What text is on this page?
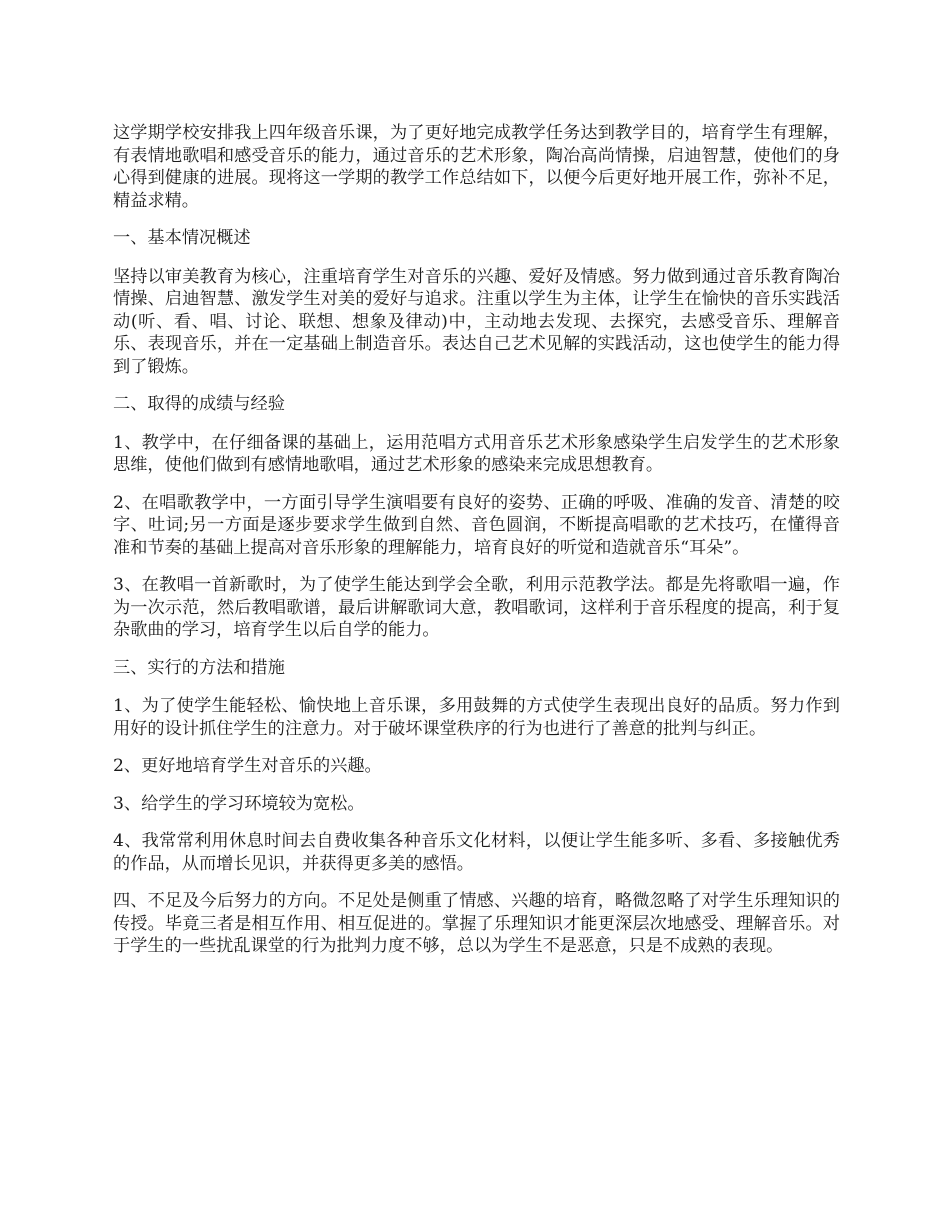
这学期学校安排我上四年级音乐课，为了更好地完成教学任务达到教学目的，培育学生有理解，有表情地歌唱和感受音乐的能力，通过音乐的艺术形象，陶冶高尚情操，启迪智慧，使他们的身心得到健康的进展。现将这一学期的教学工作总结如下，以便今后更好地开展工作，弥补不足，精益求精。

一、基本情况概述

坚持以审美教育为核心，注重培育学生对音乐的兴趣、爱好及情感。努力做到通过音乐教育陶冶情操、启迪智慧、激发学生对美的爱好与追求。注重以学生为主体，让学生在愉快的音乐实践活动(听、看、唱、讨论、联想、想象及律动)中，主动地去发现、去探究，去感受音乐、理解音乐、表现音乐，并在一定基础上制造音乐。表达自己艺术见解的实践活动，这也使学生的能力得到了锻炼。

二、取得的成绩与经验

1、教学中，在仔细备课的基础上，运用范唱方式用音乐艺术形象感染学生启发学生的艺术形象思维，使他们做到有感情地歌唱，通过艺术形象的感染来完成思想教育。

2、在唱歌教学中，一方面引导学生演唱要有良好的姿势、正确的呼吸、准确的发音、清楚的咬字、吐词;另一方面是逐步要求学生做到自然、音色圆润，不断提高唱歌的艺术技巧，在懂得音准和节奏的基础上提高对音乐形象的理解能力，培育良好的听觉和造就音乐“耳朵”。

3、在教唱一首新歌时，为了使学生能达到学会全歌，利用示范教学法。都是先将歌唱一遍，作为一次示范，然后教唱歌谱，最后讲解歌词大意，教唱歌词，这样利于音乐程度的提高，利于复杂歌曲的学习，培育学生以后自学的能力。

三、实行的方法和措施

1、为了使学生能轻松、愉快地上音乐课，多用鼓舞的方式使学生表现出良好的品质。努力作到用好的设计抓住学生的注意力。对于破坏课堂秩序的行为也进行了善意的批判与纠正。

2、更好地培育学生对音乐的兴趣。

3、给学生的学习环境较为宽松。

4、我常常利用休息时间去自费收集各种音乐文化材料，以便让学生能多听、多看、多接触优秀的作品，从而增长见识，并获得更多美的感悟。

四、不足及今后努力的方向。不足处是侧重了情感、兴趣的培育，略微忽略了对学生乐理知识的传授。毕竟三者是相互作用、相互促进的。掌握了乐理知识才能更深层次地感受、理解音乐。对于学生的一些扰乱课堂的行为批判力度不够，总以为学生不是恶意，只是不成熟的表现。
